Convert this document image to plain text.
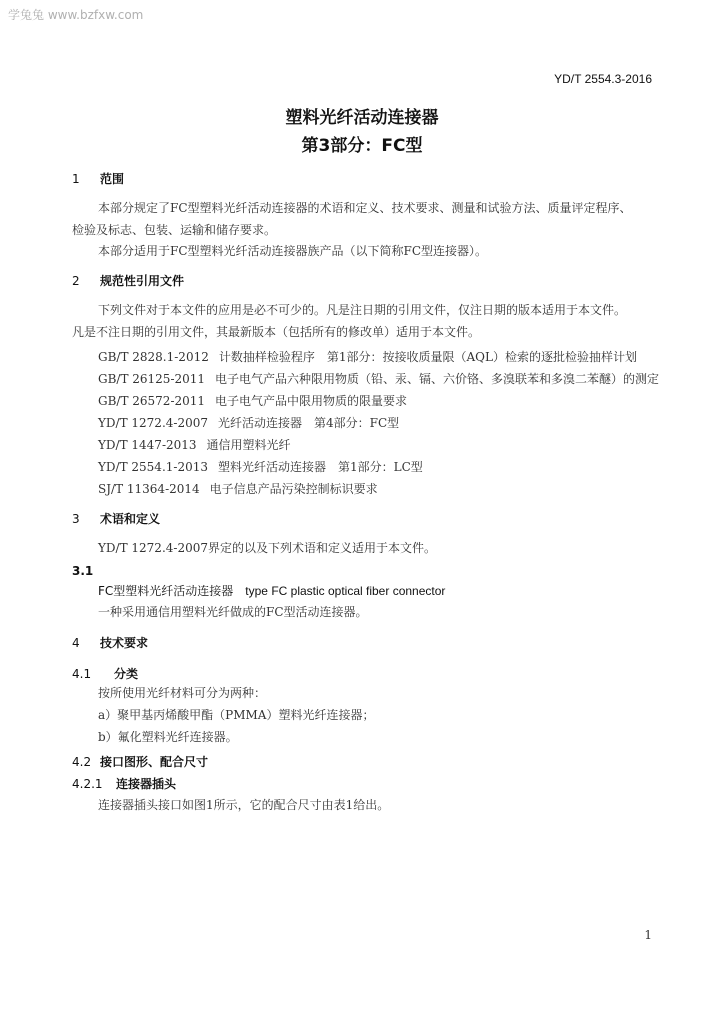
学兔兔 www.bzfxw.com
YD/T 2554.3-2016
塑料光纤活动连接器
第3部分：FC型
1 范围
本部分规定了FC型塑料光纤活动连接器的术语和定义、技术要求、测量和试验方法、质量评定程序、
检验及标志、包装、运输和储存要求。
本部分适用于FC型塑料光纤活动连接器族产品（以下简称FC型连接器）。
2 规范性引用文件
下列文件对于本文件的应用是必不可少的。凡是注日期的引用文件，仅注日期的版本适用于本文件。
凡是不注日期的引用文件，其最新版本（包括所有的修改单）适用于本文件。
GB/T 2828.1-2012 计数抽样检验程序　第1部分：按接收质量限（AQL）检索的逐批检验抽样计划
GB/T 26125-2011 电子电气产品六种限用物质（铅、汞、镉、六价铬、多溴联苯和多溴二苯醚）的测定
GB/T 26572-2011 电子电气产品中限用物质的限量要求
YD/T 1272.4-2007 光纤活动连接器　第4部分：FC型
YD/T 1447-2013 通信用塑料光纤
YD/T 2554.1-2013 塑料光纤活动连接器　第1部分：LC型
SJ/T 11364-2014 电子信息产品污染控制标识要求
3 术语和定义
YD/T 1272.4-2007界定的以及下列术语和定义适用于本文件。
3.1
FC型塑料光纤活动连接器 type FC plastic optical fiber connector
一种采用通信用塑料光纤做成的FC型活动连接器。
4 技术要求
4.1 分类
按所使用光纤材料可分为两种：
a）聚甲基丙烯酸甲酯（PMMA）塑料光纤连接器；
b）氟化塑料光纤连接器。
4.2 接口图形、配合尺寸
4.2.1 连接器插头
连接器插头接口如图1所示，它的配合尺寸由表1给出。
1
